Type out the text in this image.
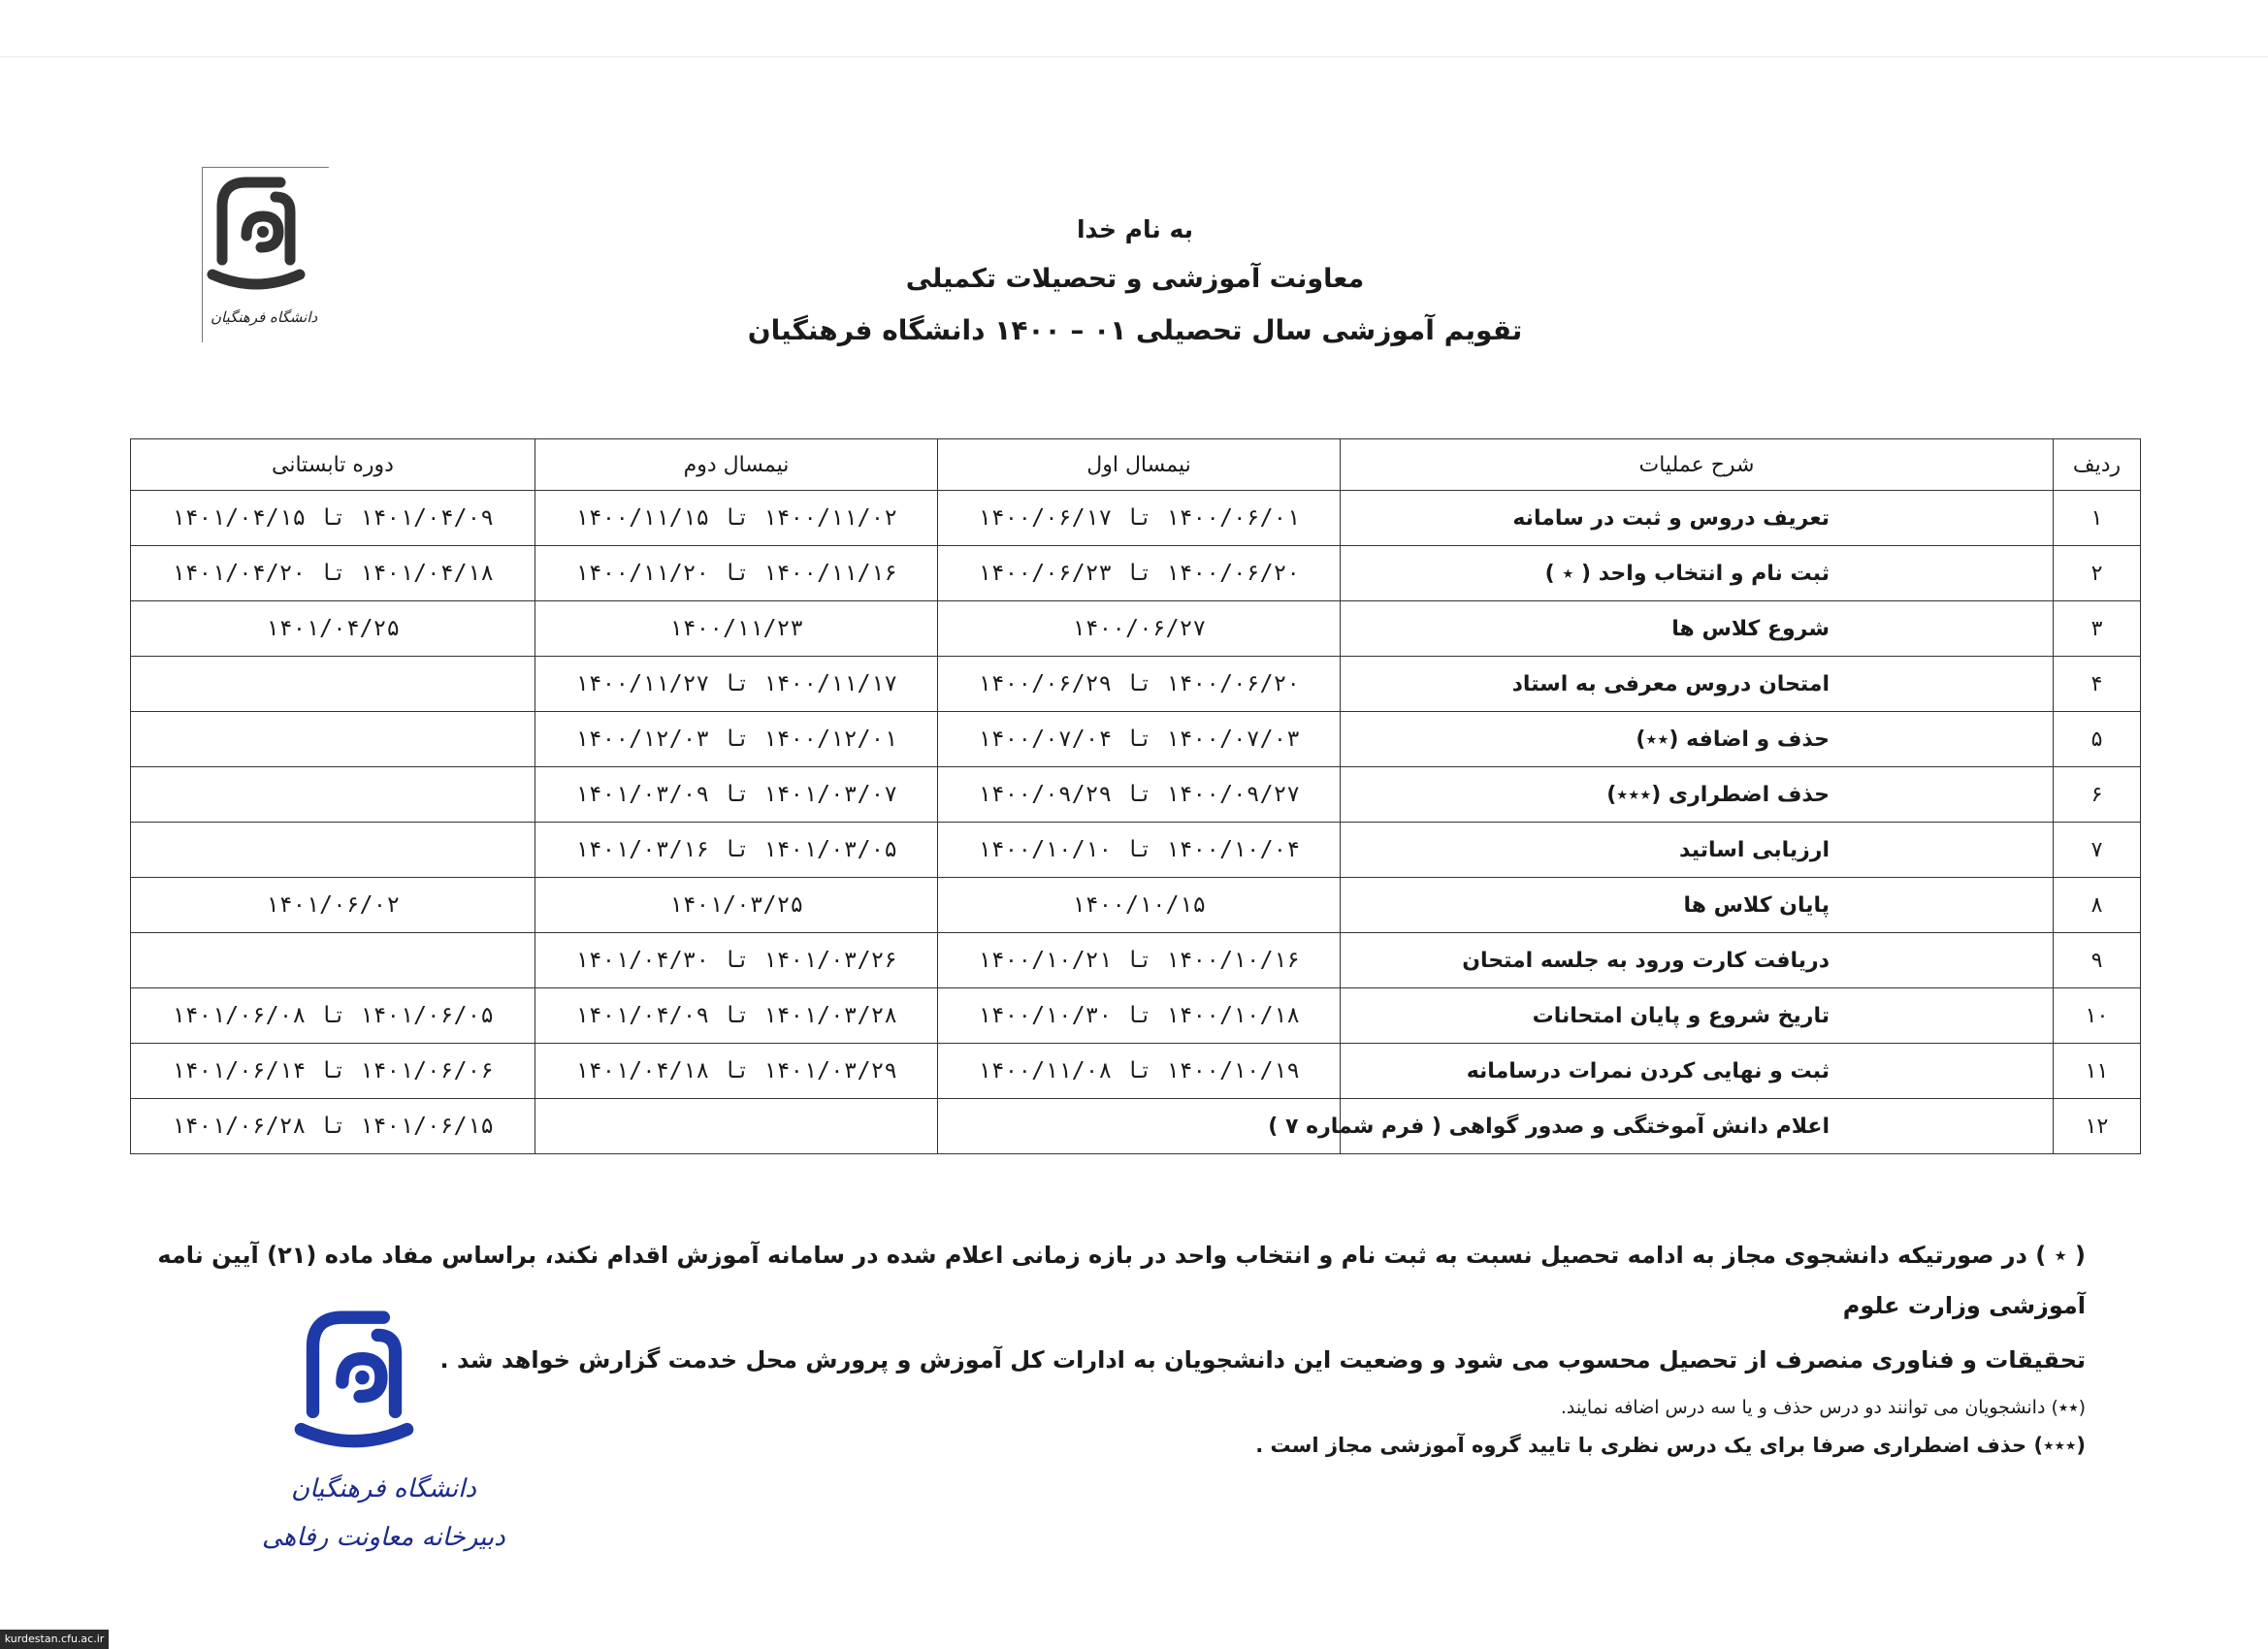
دانشگاه فرهنگیان
به نام خدا
معاونت آموزشی و تحصیلات تکمیلی
تقویم آموزشی سال تحصیلی ۰۱ – ۱۴۰۰ دانشگاه فرهنگیان
ردیف	شرح عملیات	نیمسال اول	نیمسال دوم	دوره تابستانی
۱	تعریف دروس و ثبت در سامانه	۱۴۰۰/۰۶/۰۱ تا ۱۴۰۰/۰۶/۱۷	۱۴۰۰/۱۱/۰۲ تا ۱۴۰۰/۱۱/۱۵	۱۴۰۱/۰۴/۰۹ تا ۱۴۰۱/۰۴/۱۵
۲	ثبت نام و انتخاب واحد ( ٭ )	۱۴۰۰/۰۶/۲۰ تا ۱۴۰۰/۰۶/۲۳	۱۴۰۰/۱۱/۱۶ تا ۱۴۰۰/۱۱/۲۰	۱۴۰۱/۰۴/۱۸ تا ۱۴۰۱/۰۴/۲۰
۳	شروع کلاس ها	۱۴۰۰/۰۶/۲۷	۱۴۰۰/۱۱/۲۳	۱۴۰۱/۰۴/۲۵
۴	امتحان دروس معرفی به استاد	۱۴۰۰/۰۶/۲۰ تا ۱۴۰۰/۰۶/۲۹	۱۴۰۰/۱۱/۱۷ تا ۱۴۰۰/۱۱/۲۷	
۵	حذف و اضافه (٭٭)	۱۴۰۰/۰۷/۰۳ تا ۱۴۰۰/۰۷/۰۴	۱۴۰۰/۱۲/۰۱ تا ۱۴۰۰/۱۲/۰۳	
۶	حذف اضطراری (٭٭٭)	۱۴۰۰/۰۹/۲۷ تا ۱۴۰۰/۰۹/۲۹	۱۴۰۱/۰۳/۰۷ تا ۱۴۰۱/۰۳/۰۹	
۷	ارزیابی اساتید	۱۴۰۰/۱۰/۰۴ تا ۱۴۰۰/۱۰/۱۰	۱۴۰۱/۰۳/۰۵ تا ۱۴۰۱/۰۳/۱۶	
۸	پایان کلاس ها	۱۴۰۰/۱۰/۱۵	۱۴۰۱/۰۳/۲۵	۱۴۰۱/۰۶/۰۲
۹	دریافت کارت ورود به جلسه امتحان	۱۴۰۰/۱۰/۱۶ تا ۱۴۰۰/۱۰/۲۱	۱۴۰۱/۰۳/۲۶ تا ۱۴۰۱/۰۴/۳۰	
۱۰	تاریخ شروع و پایان امتحانات	۱۴۰۰/۱۰/۱۸ تا ۱۴۰۰/۱۰/۳۰	۱۴۰۱/۰۳/۲۸ تا ۱۴۰۱/۰۴/۰۹	۱۴۰۱/۰۶/۰۵ تا ۱۴۰۱/۰۶/۰۸
۱۱	ثبت و نهایی کردن نمرات درسامانه	۱۴۰۰/۱۰/۱۹ تا ۱۴۰۰/۱۱/۰۸	۱۴۰۱/۰۳/۲۹ تا ۱۴۰۱/۰۴/۱۸	۱۴۰۱/۰۶/۰۶ تا ۱۴۰۱/۰۶/۱۴
۱۲	اعلام دانش آموختگی و صدور گواهی ( فرم شماره ۷ )			۱۴۰۱/۰۶/۱۵ تا ۱۴۰۱/۰۶/۲۸

( ٭ ) در صورتیکه دانشجوی مجاز به ادامه تحصیل نسبت به ثبت نام و انتخاب واحد در بازه زمانی اعلام شده در سامانه آموزش اقدام نکند، براساس مفاد ماده (۲۱) آیین نامه آموزشی وزارت علوم

تحقیقات و فناوری منصرف از تحصیل محسوب می شود و وضعیت این دانشجویان به ادارات کل آموزش و پرورش محل خدمت گزارش خواهد شد .

(٭٭) دانشجویان می توانند دو درس حذف و یا سه درس اضافه نمایند.

(٭٭٭) حذف اضطراری صرفا برای یک درس نظری با تایید گروه آموزشی مجاز است .

دانشگاه فرهنگیان
دبیرخانه معاونت رفاهی
kurdestan.cfu.ac.ir
